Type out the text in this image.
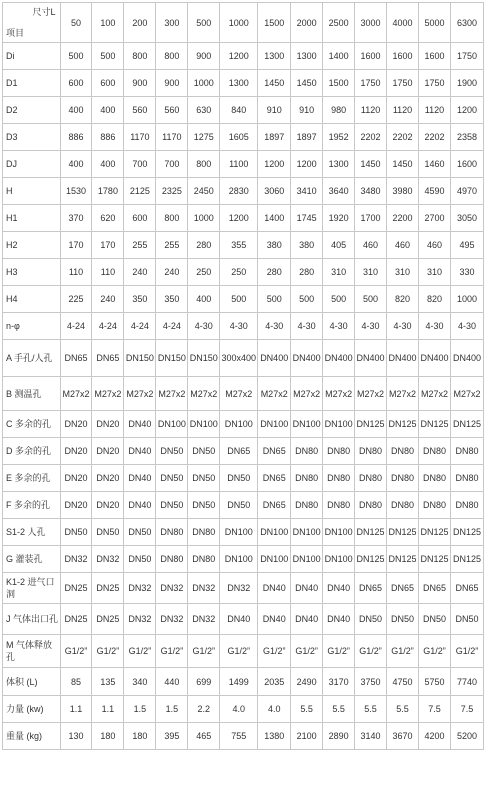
尺寸L
项目	50	100	200	300	500	1000	1500	2000	2500	3000	4000	5000	6300
Di	500	500	800	800	900	1200	1300	1300	1400	1600	1600	1600	1750
D1	600	600	900	900	1000	1300	1450	1450	1500	1750	1750	1750	1900
D2	400	400	560	560	630	840	910	910	980	1120	1120	1120	1200
D3	886	886	1170	1170	1275	1605	1897	1897	1952	2202	2202	2202	2358
DJ	400	400	700	700	800	1100	1200	1200	1300	1450	1450	1460	1600
H	1530	1780	2125	2325	2450	2830	3060	3410	3640	3480	3980	4590	4970
H1	370	620	600	800	1000	1200	1400	1745	1920	1700	2200	2700	3050
H2	170	170	255	255	280	355	380	380	405	460	460	460	495
H3	110	110	240	240	250	250	280	280	310	310	310	310	330
H4	225	240	350	350	400	500	500	500	500	500	820	820	1000
n-φ	4-24	4-24	4-24	4-24	4-30	4-30	4-30	4-30	4-30	4-30	4-30	4-30	4-30
A 手孔/人孔	DN65	DN65	DN150	DN150	DN150	300x400	DN400	DN400	DN400	DN400	DN400	DN400	DN400
B 测温孔	M27x2	M27x2	M27x2	M27x2	M27x2	M27x2	M27x2	M27x2	M27x2	M27x2	M27x2	M27x2	M27x2
C 多余的孔	DN20	DN20	DN40	DN100	DN100	DN100	DN100	DN100	DN100	DN125	DN125	DN125	DN125
D 多余的孔	DN20	DN20	DN40	DN50	DN50	DN65	DN65	DN80	DN80	DN80	DN80	DN80	DN80
E 多余的孔	DN20	DN20	DN40	DN50	DN50	DN50	DN65	DN80	DN80	DN80	DN80	DN80	DN80
F 多余的孔	DN20	DN20	DN40	DN50	DN50	DN50	DN65	DN80	DN80	DN80	DN80	DN80	DN80
S1-2 人孔	DN50	DN50	DN50	DN80	DN80	DN100	DN100	DN100	DN100	DN125	DN125	DN125	DN125
G 灌装孔	DN32	DN32	DN50	DN80	DN80	DN100	DN100	DN100	DN100	DN125	DN125	DN125	DN125
K1-2 进气口洞	DN25	DN25	DN32	DN32	DN32	DN32	DN40	DN40	DN40	DN65	DN65	DN65	DN65
J 气体出口孔	DN25	DN25	DN32	DN32	DN32	DN40	DN40	DN40	DN40	DN50	DN50	DN50	DN50
M 气体释放孔	G1/2”	G1/2”	G1/2”	G1/2”	G1/2”	G1/2”	G1/2”	G1/2”	G1/2”	G1/2”	G1/2”	G1/2”	G1/2”
体积 (L)	85	135	340	440	699	1499	2035	2490	3170	3750	4750	5750	7740
力量 (kw)	1.1	1.1	1.5	1.5	2.2	4.0	4.0	5.5	5.5	5.5	5.5	7.5	7.5
重量 (kg)	130	180	180	395	465	755	1380	2100	2890	3140	3670	4200	5200
